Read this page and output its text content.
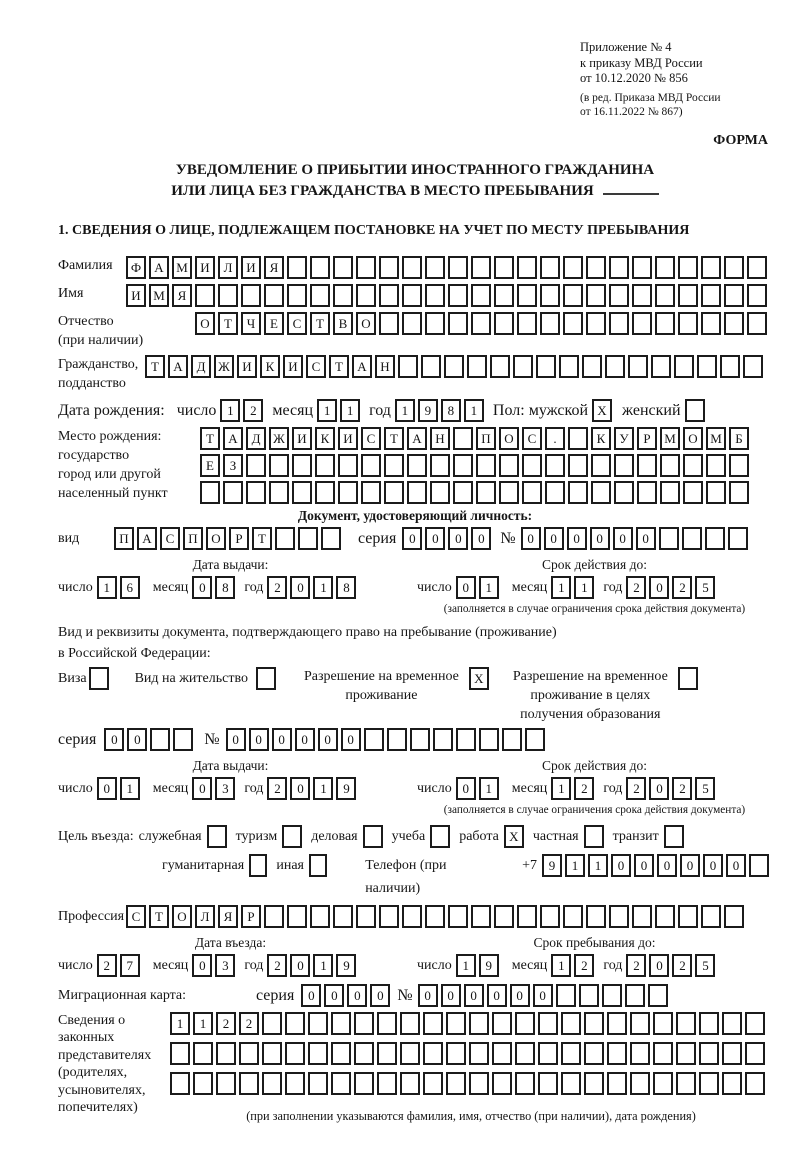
Приложение № 4
к приказу МВД России
от 10.12.2020 № 856
(в ред. Приказа МВД России
от 16.11.2022 № 867)
ФОРМА
УВЕДОМЛЕНИЕ О ПРИБЫТИИ ИНОСТРАННОГО ГРАЖДАНИНА
ИЛИ ЛИЦА БЕЗ ГРАЖДАНСТВА В МЕСТО ПРЕБЫВАНИЯ
1. СВЕДЕНИЯ О ЛИЦЕ, ПОДЛЕЖАЩЕМ ПОСТАНОВКЕ НА УЧЕТ ПО МЕСТУ ПРЕБЫВАНИЯ
Фамилия	Ф А М И Л И Я
Имя	И М Я
Отчество
(при наличии)
О Т Ч Е С Т В О
Гражданство,
подданство
Т А Д Ж И К И С Т А Н
Дата рождения: число 1 2 месяц 1 1 год 1 9 8 1 Пол: мужской X женский
Место рождения:
государство
город или другой
населенный пункт
Т А Д Ж И К И С Т А Н	П О С .	К У Р М О М Б Е З
Документ, удостоверяющий личность:
вид	П А С П О Р Т	серия 0 0 0 0 № 0 0 0 0 0 0
Дата выдачи:
число 1 6	месяц 0 8	год 2 0 1 8
Срок действия до:
число 0 1	месяц 1 1	год 2 0 2 5
(заполняется в случае ограничения срока действия документа)
Вид и реквизиты документа, подтверждающего право на пребывание (проживание)
в Российской Федерации:
Виза	Вид на жительство	Разрешение на временное
проживание
X	Разрешение на временное
проживание в целях
получения образования
серия	0 0	№ 0 0 0 0 0 0
Дата выдачи:
число 0 1	месяц 0 3	год 2 0 1 9
Срок действия до:
число 0 1	месяц 1 2	год 2 0 2 5
(заполняется в случае ограничения срока действия документа)
Цель въезда: служебная туризм деловая учеба работа X	частная транзит
гуманитарная иная	Телефон (при наличии)
+7 9 1 1 0 0 0 0 0 0
Профессия С Т О Л Я Р
Дата въезда:
число 2 7	месяц 0 3	год 2 0 1 9
Срок пребывания до:
число 1 9	месяц 1 2	год 2 0 2 5
Миграционная карта:	серия	0 0 0 0 № 0 0 0 0 0 0
Сведения о
законных
представителях
(родителях,
усыновителях,
попечителях)
1 1 2 2
(при заполнении указываются фамилия, имя, отчество (при наличии), дата рождения)
